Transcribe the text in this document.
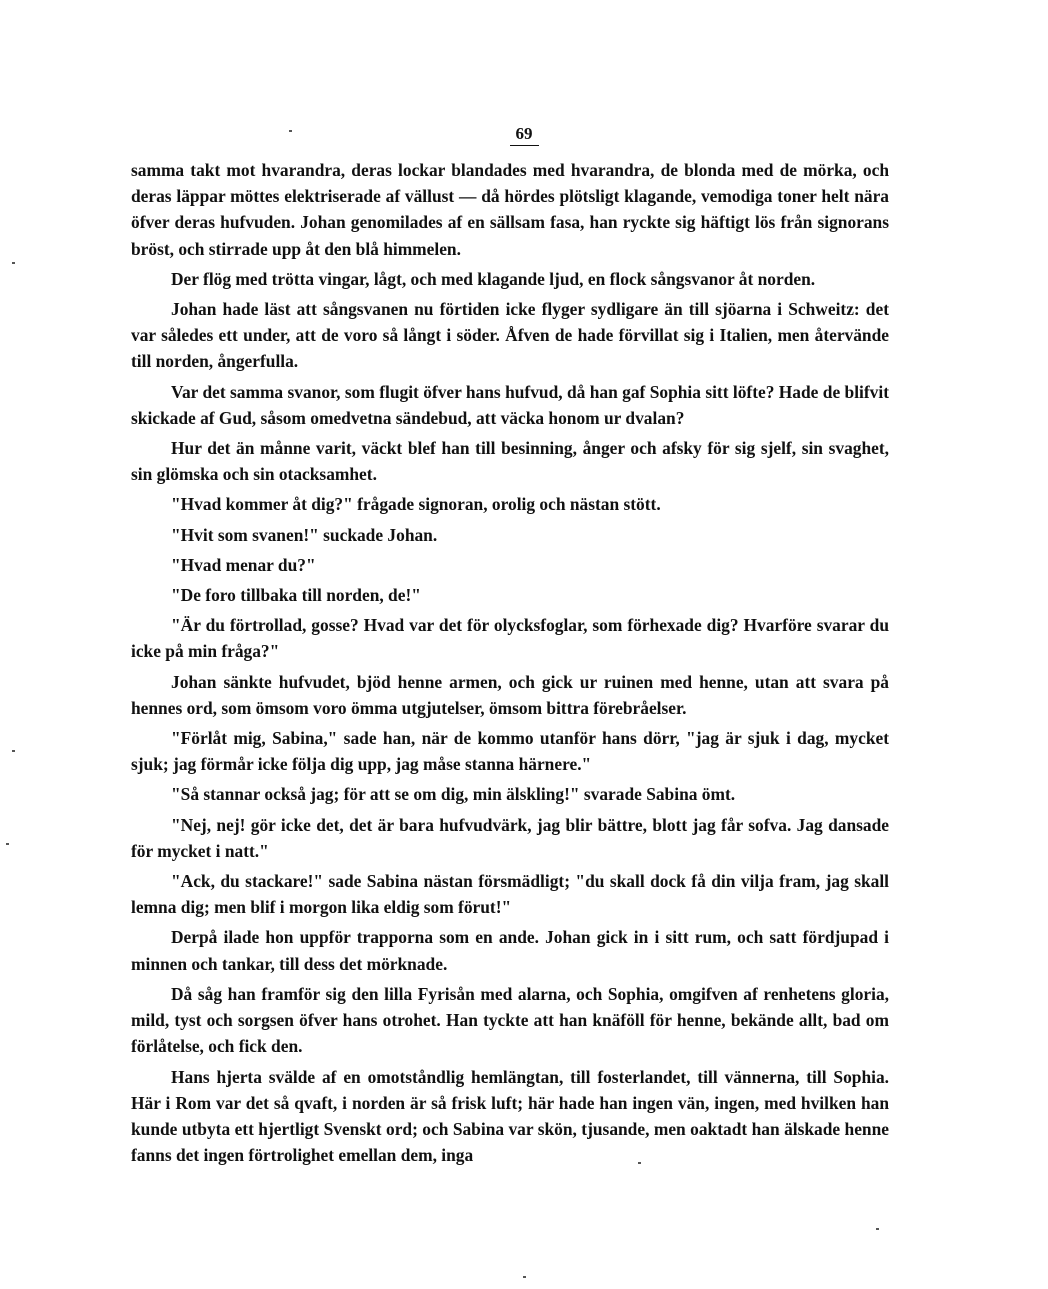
69

samma takt mot hvarandra, deras lockar blandades med hvarandra, de blonda med de mörka, och deras läppar möttes elektriserade af vällust — då hördes plötsligt klagande, vemodiga toner helt nära öfver deras hufvuden. Johan genomilades af en sällsam fasa, han ryckte sig häftigt lös från signorans bröst, och stirrade upp åt den blå himmelen.

Der flög med trötta vingar, lågt, och med klagande ljud, en flock sångsvanor åt norden.

Johan hade läst att sångsvanen nu förtiden icke flyger sydligare än till sjöarna i Schweitz: det var således ett under, att de voro så långt i söder. Åfven de hade förvillat sig i Italien, men återvände till norden, ångerfulla.

Var det samma svanor, som flugit öfver hans hufvud, då han gaf Sophia sitt löfte? Hade de blifvit skickade af Gud, såsom omedvetna sändebud, att väcka honom ur dvalan?

Hur det än månne varit, väckt blef han till besinning, ånger och afsky för sig sjelf, sin svaghet, sin glömska och sin otacksamhet.

"Hvad kommer åt dig?" frågade signoran, orolig och nästan stött.

"Hvit som svanen!" suckade Johan.

"Hvad menar du?"

"De foro tillbaka till norden, de!"

"Är du förtrollad, gosse? Hvad var det för olycksfoglar, som förhexade dig? Hvarföre svarar du icke på min fråga?"

Johan sänkte hufvudet, bjöd henne armen, och gick ur ruinen med henne, utan att svara på hennes ord, som ömsom voro ömma utgjutelser, ömsom bittra förebråelser.

"Förlåt mig, Sabina," sade han, när de kommo utanför hans dörr, "jag är sjuk i dag, mycket sjuk; jag förmår icke följa dig upp, jag måse stanna härnere."

"Så stannar också jag; för att se om dig, min älskling!" svarade Sabina ömt.

"Nej, nej! gör icke det, det är bara hufvudvärk, jag blir bättre, blott jag får sofva. Jag dansade för mycket i natt."

"Ack, du stackare!" sade Sabina nästan försmädligt; "du skall dock få din vilja fram, jag skall lemna dig; men blif i morgon lika eldig som förut!"

Derpå ilade hon uppför trapporna som en ande. Johan gick in i sitt rum, och satt fördjupad i minnen och tankar, till dess det mörknade.

Då såg han framför sig den lilla Fyrisån med alarna, och Sophia, omgifven af renhetens gloria, mild, tyst och sorgsen öfver hans otrohet. Han tyckte att han knäföll för henne, bekände allt, bad om förlåtelse, och fick den.

Hans hjerta svälde af en omotståndlig hemlängtan, till fosterlandet, till vännerna, till Sophia. Här i Rom var det så qvaft, i norden är så frisk luft; här hade han ingen vän, ingen, med hvilken han kunde utbyta ett hjertligt Svenskt ord; och Sabina var skön, tjusande, men oaktadt han älskade henne fanns det ingen förtrolighet emellan dem, inga
